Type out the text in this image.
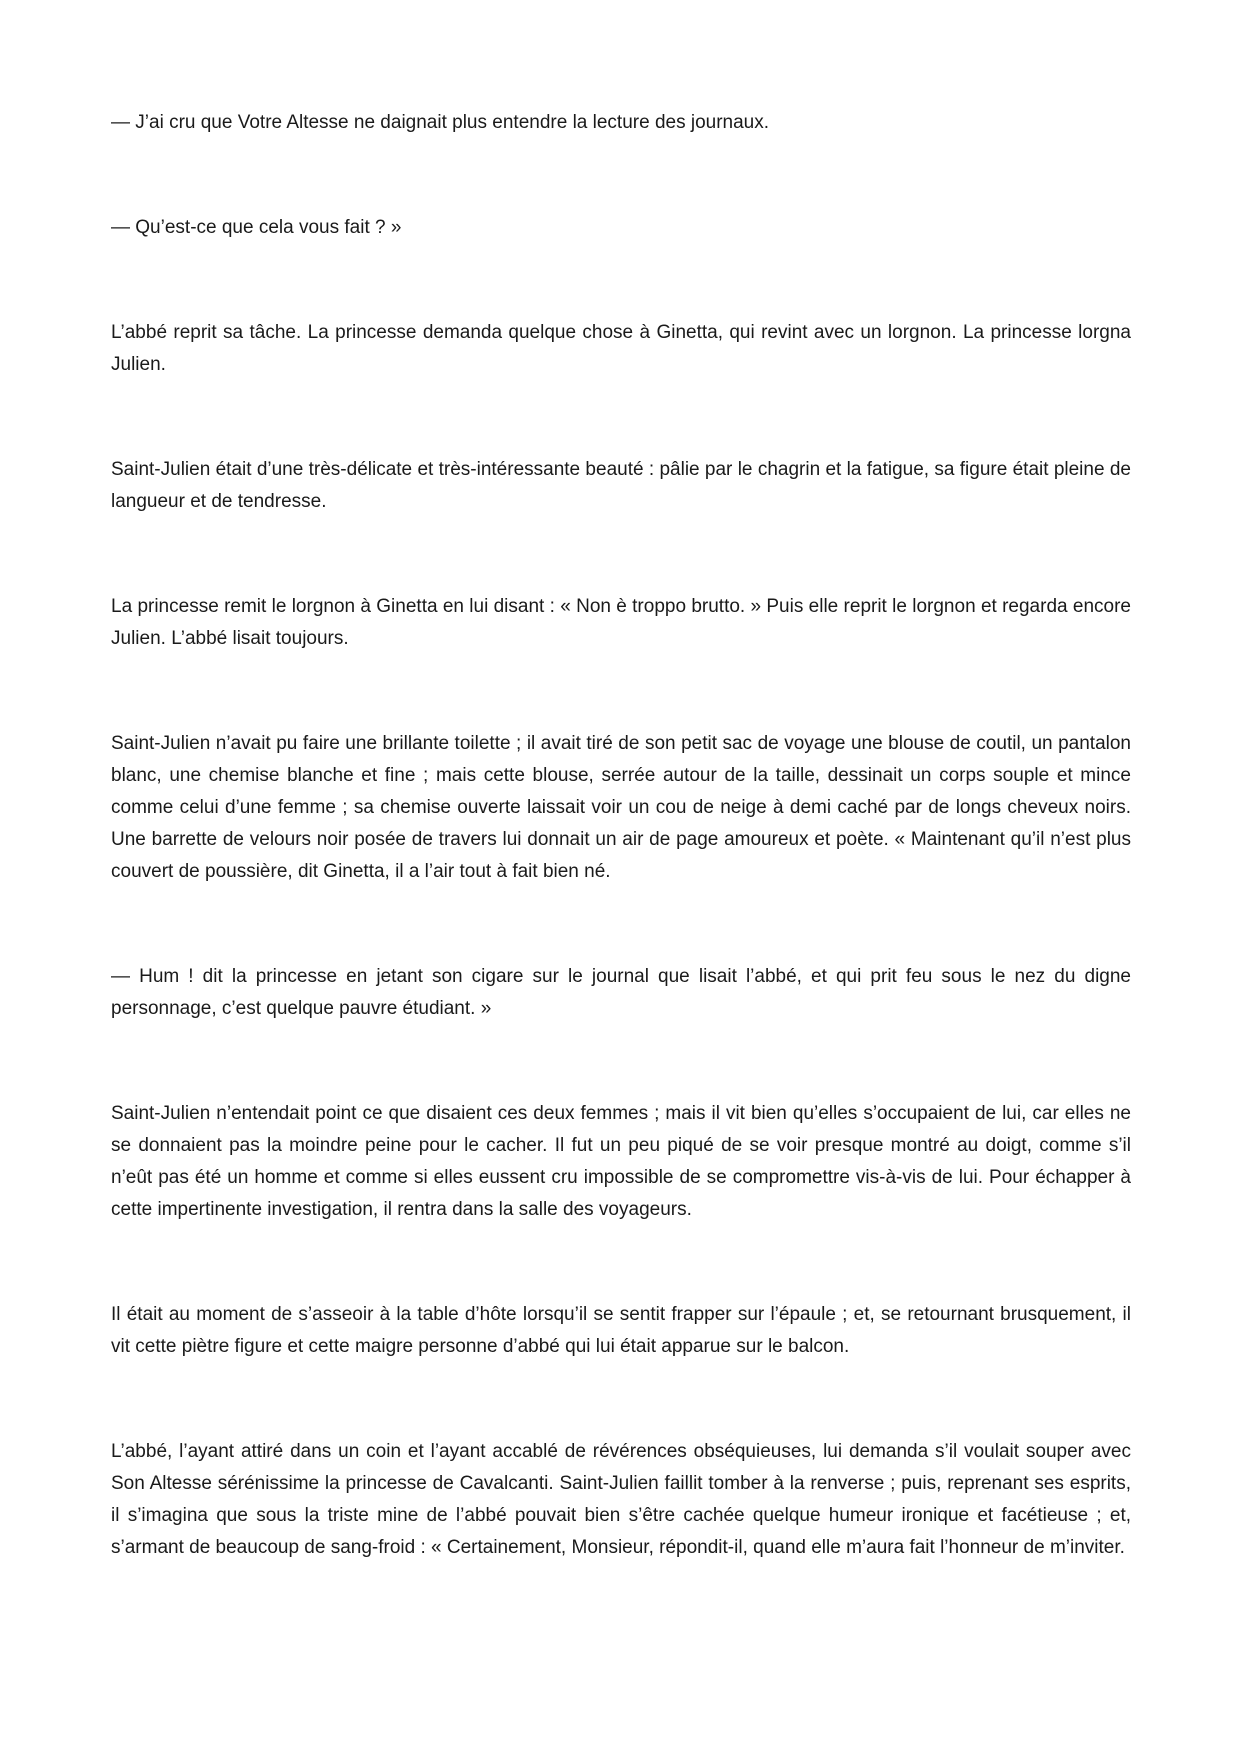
— J’ai cru que Votre Altesse ne daignait plus entendre la lecture des journaux.

— Qu’est-ce que cela vous fait ? »

L’abbé reprit sa tâche. La princesse demanda quelque chose à Ginetta, qui revint avec un lorgnon. La princesse lorgna Julien.

Saint-Julien était d’une très-délicate et très-intéressante beauté : pâlie par le chagrin et la fatigue, sa figure était pleine de langueur et de tendresse.

La princesse remit le lorgnon à Ginetta en lui disant : « Non è troppo brutto. » Puis elle reprit le lorgnon et regarda encore Julien. L’abbé lisait toujours.

Saint-Julien n’avait pu faire une brillante toilette ; il avait tiré de son petit sac de voyage une blouse de coutil, un pantalon blanc, une chemise blanche et fine ; mais cette blouse, serrée autour de la taille, dessinait un corps souple et mince comme celui d’une femme ; sa chemise ouverte laissait voir un cou de neige à demi caché par de longs cheveux noirs. Une barrette de velours noir posée de travers lui donnait un air de page amoureux et poète. « Maintenant qu’il n’est plus couvert de poussière, dit Ginetta, il a l’air tout à fait bien né.

— Hum ! dit la princesse en jetant son cigare sur le journal que lisait l’abbé, et qui prit feu sous le nez du digne personnage, c’est quelque pauvre étudiant. »

Saint-Julien n’entendait point ce que disaient ces deux femmes ; mais il vit bien qu’elles s’occupaient de lui, car elles ne se donnaient pas la moindre peine pour le cacher. Il fut un peu piqué de se voir presque montré au doigt, comme s’il n’eût pas été un homme et comme si elles eussent cru impossible de se compromettre vis-à-vis de lui. Pour échapper à cette impertinente investigation, il rentra dans la salle des voyageurs.

Il était au moment de s’asseoir à la table d’hôte lorsqu’il se sentit frapper sur l’épaule ; et, se retournant brusquement, il vit cette piètre figure et cette maigre personne d’abbé qui lui était apparue sur le balcon.

L’abbé, l’ayant attiré dans un coin et l’ayant accablé de révérences obséquieuses, lui demanda s’il voulait souper avec Son Altesse sérénissime la princesse de Cavalcanti. Saint-Julien faillit tomber à la renverse ; puis, reprenant ses esprits, il s’imagina que sous la triste mine de l’abbé pouvait bien s’être cachée quelque humeur ironique et facétieuse ; et, s’armant de beaucoup de sang-froid : « Certainement, Monsieur, répondit-il, quand elle m’aura fait l’honneur de m’inviter.
